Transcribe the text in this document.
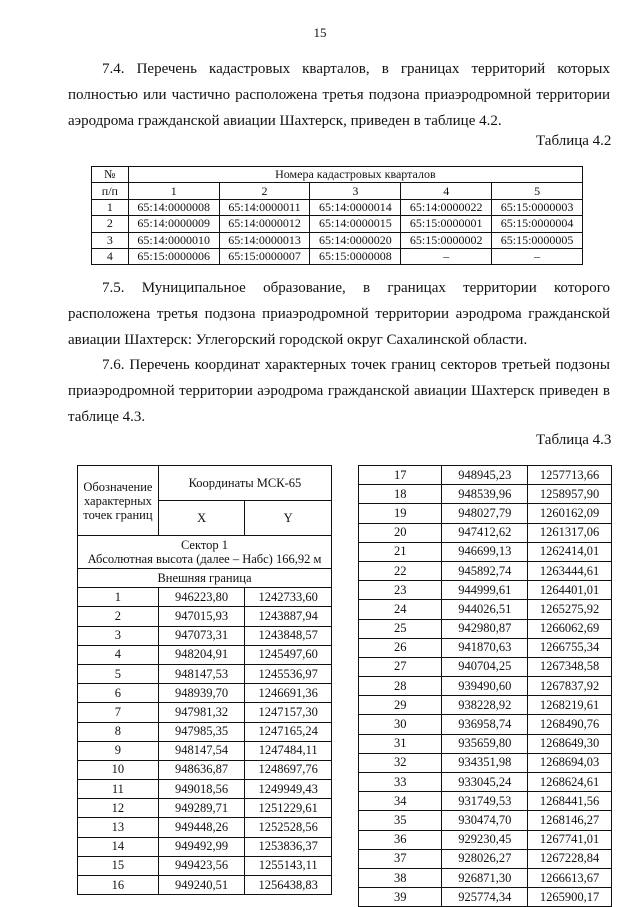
15

7.4. Перечень кадастровых кварталов, в границах территорий которых полностью или частично расположена третья подзона приаэродромной территории аэродрома гражданской авиации Шахтерск, приведен в таблице 4.2.

Таблица 4.2
№	Номера кадастровых кварталов				
п/п	1	2	3	4	5
1	65:14:0000008	65:14:0000011	65:14:0000014	65:14:0000022	65:15:0000003
2	65:14:0000009	65:14:0000012	65:14:0000015	65:15:0000001	65:15:0000004
3	65:14:0000010	65:14:0000013	65:14:0000020	65:15:0000002	65:15:0000005
4	65:15:0000006	65:15:0000007	65:15:0000008	–	–

7.5. Муниципальное образование, в границах территории которого расположена третья подзона приаэродромной территории аэродрома гражданской авиации Шахтерск: Углегорский городской округ Сахалинской области.

7.6. Перечень координат характерных точек границ секторов третьей подзоны приаэродромной территории аэродрома гражданской авиации Шахтерск приведен в таблице 4.3.

Таблица 4.3
Обозначение характерных точек границ	Координаты МСК-65	
	X	Y

Сектор 1
Абсолютная высота (далее – Набс) 166,92 м		

Внешняя граница		
1	946223,80	1242733,60
2	947015,93	1243887,94
3	947073,31	1243848,57
4	948204,91	1245497,60
5	948147,53	1245536,97
6	948939,70	1246691,36
7	947981,32	1247157,30
8	947985,35	1247165,24
9	948147,54	1247484,11
10	948636,87	1248697,76
11	949018,56	1249949,43
12	949289,71	1251229,61
13	949448,26	1252528,56
14	949492,99	1253836,37
15	949423,56	1255143,11
16	949240,51	1256438,83
17	948945,23	1257713,66
18	948539,96	1258957,90
19	948027,79	1260162,09
20	947412,62	1261317,06
21	946699,13	1262414,01
22	945892,74	1263444,61
23	944999,61	1264401,01
24	944026,51	1265275,92
25	942980,87	1266062,69
26	941870,63	1266755,34
27	940704,25	1267348,58
28	939490,60	1267837,92
29	938228,92	1268219,61
30	936958,74	1268490,76
31	935659,80	1268649,30
32	934351,98	1268694,03
33	933045,24	1268624,61
34	931749,53	1268441,56
35	930474,70	1268146,27
36	929230,45	1267741,01
37	928026,27	1267228,84
38	926871,30	1266613,67
39	925774,34	1265900,17
